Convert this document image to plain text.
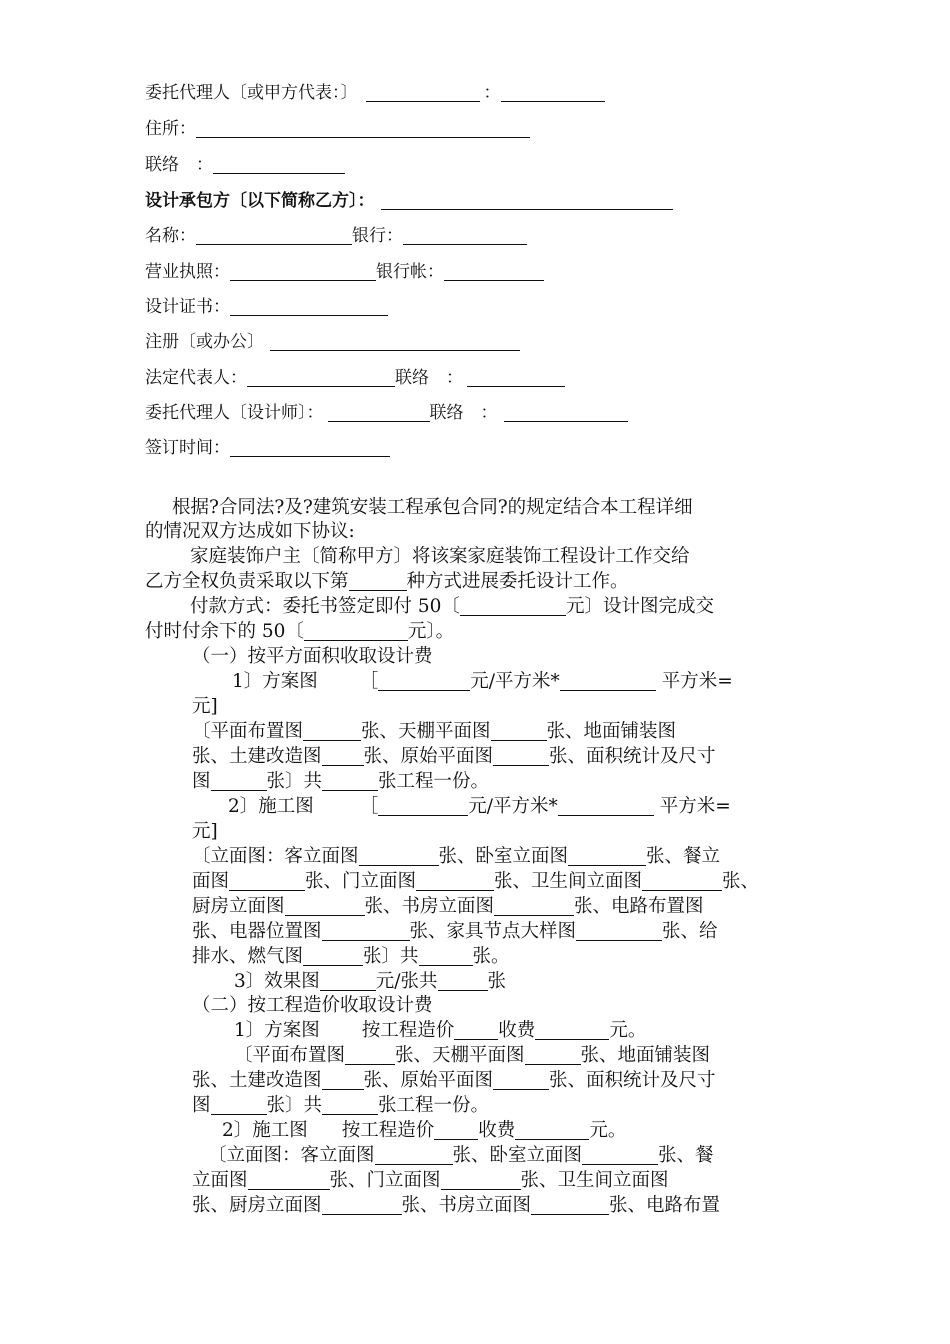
委托代理人〔或甲方代表：〕	：
住所：
联络　：
设计承包方〔以下简称乙方〕：
名称：	银行：
营业执照：	银行帐：
设计证书：
注册〔或办公〕
法定代表人：	联络　：
委托代理人〔设计师〕：	联络　：
签订时间：
根据?合同法?及?建筑安装工程承包合同?的规定结合本工程详细
的情况双方达成如下协议:
家庭装饰户主〔简称甲方〕将该案家庭装饰工程设计工作交给
乙方全权负责采取以下第	种方式进展委托设计工作。
付款方式：委托书签定即付 50〔	元〕设计图完成交
付时付余下的 50〔	元〕。
（一）按平方面积收取设计费
1〕方案图 ［	元/平方米*	平方米=
元]
〔平面布置图	张、天棚平面图	张、地面铺装图
张、土建改造图 张、原始平面图	张、面积统计及尺寸
图	张〕共	张工程一份。
2〕施工图 ［	元/平方米*	平方米=
元]
〔立面图：客立面图	张、卧室立面图	张、餐立
面图	张、门立面图	张、卫生间立面图	张、
厨房立面图	张、书房立面图	张、电路布置图
张、电器位置图	张、家具节点大样图	张、给
排水、燃气图	张〕共	张。
3〕效果图	元/张共	张
（二）按工程造价收取设计费
1〕方案图 按工程造价 收费	元。
〔平面布置图	张、天棚平面图	张、地面铺装图
张、土建改造图 张、原始平面图	张、面积统计及尺寸
图	张〕共	张工程一份。
2〕施工图 按工程造价 收费	元。
〔立面图：客立面图	张、卧室立面图	张、餐
立面图	张、门立面图	张、卫生间立面图
张、厨房立面图	张、书房立面图	张、电路布置
